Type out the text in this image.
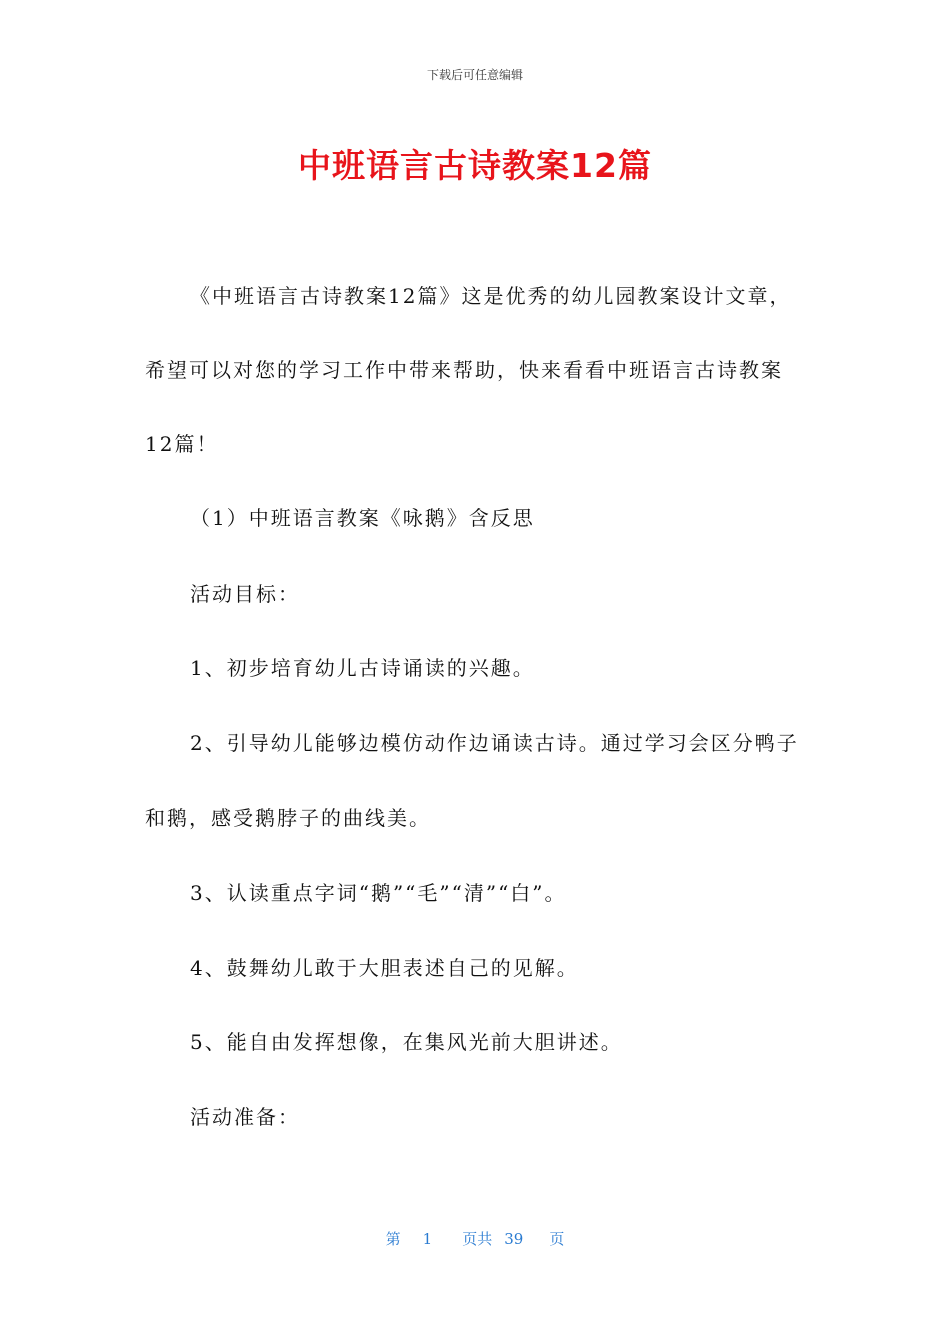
下载后可任意编辑
中班语言古诗教案12篇
《中班语言古诗教案12篇》这是优秀的幼儿园教案设计文章，
希望可以对您的学习工作中带来帮助，快来看看中班语言古诗教案
12篇！
（1）中班语言教案《咏鹅》含反思
活动目标：
1、初步培育幼儿古诗诵读的兴趣。
2、引导幼儿能够边模仿动作边诵读古诗。通过学习会区分鸭子
和鹅，感受鹅脖子的曲线美。
3、认读重点字词“鹅”“毛”“清”“白”。
4、鼓舞幼儿敢于大胆表述自己的见解。
5、能自由发挥想像，在集风光前大胆讲述。
活动准备：
第 1 页共 39 页
